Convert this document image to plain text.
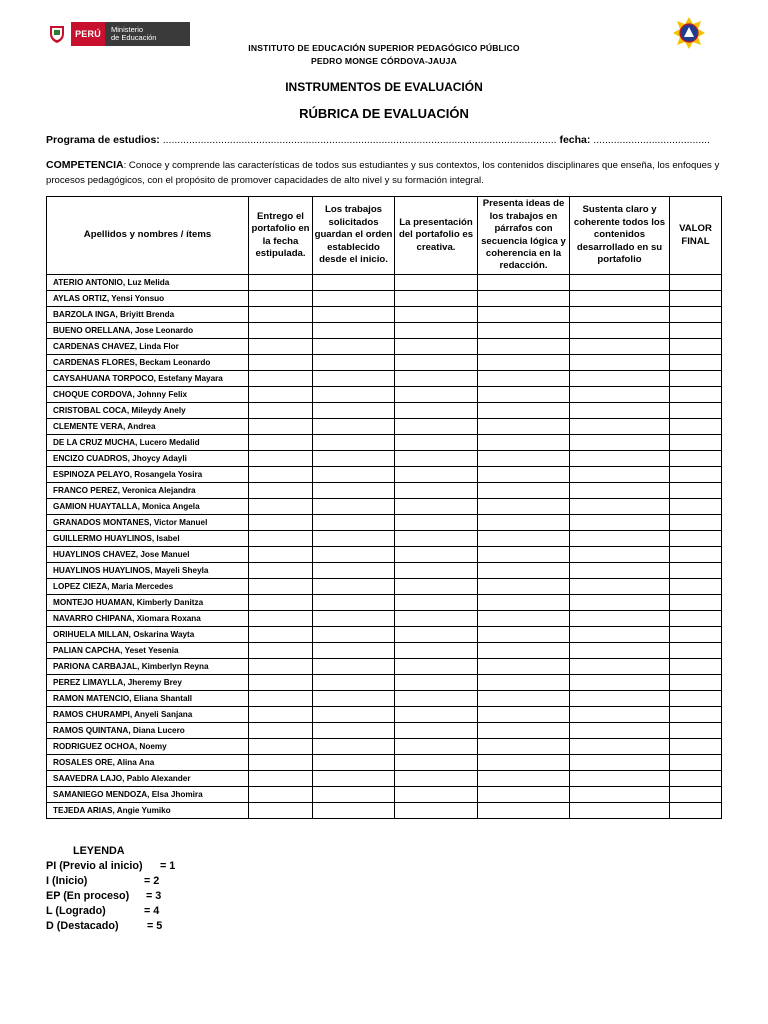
PERÚ	Ministerio
de Educación
INSTITUTO DE EDUCACIÓN SUPERIOR PEDAGÓGICO PÚBLICO
PEDRO MONGE CÓRDOVA-JAUJA
INSTRUMENTOS DE EVALUACIÓN
RÚBRICA DE EVALUACIÓN
Programa de estudios: ....................................................................................................................................... fecha: ........................................
COMPETENCIA: Conoce y comprende las características de todos sus estudiantes y sus contextos, los contenidos disciplinares que enseña, los enfoques y procesos pedagógicos, con el propósito de promover capacidades de alto nivel y su formación integral.
Apellidos y nombres / ítems	Entrego el portafolio en la fecha estipulada.	Los trabajos solicitados guardan el orden establecido desde el inicio.	La presentación del portafolio es creativa.	Presenta ideas de los trabajos en párrafos con secuencia lógica y coherencia en la redacción.	Sustenta claro y coherente todos los contenidos desarrollado en su portafolio	VALOR FINAL
ATERIO ANTONIO, Luz Melida						
AYLAS ORTIZ, Yensi Yonsuo						
BARZOLA INGA, Briyitt Brenda						
BUENO ORELLANA, Jose Leonardo						
CARDENAS CHAVEZ, Linda Flor						
CARDENAS FLORES, Beckam Leonardo						
CAYSAHUANA TORPOCO, Estefany Mayara						
CHOQUE CORDOVA, Johnny Felix						
CRISTOBAL COCA, Mileydy Anely						
CLEMENTE VERA, Andrea						
DE LA CRUZ MUCHA, Lucero Medalid						
ENCIZO CUADROS, Jhoycy Adayli						
ESPINOZA PELAYO, Rosangela Yosira						
FRANCO PEREZ, Veronica Alejandra						
GAMION HUAYTALLA, Monica Angela						
GRANADOS MONTANES, Victor Manuel						
GUILLERMO HUAYLINOS, Isabel						
HUAYLINOS CHAVEZ, Jose Manuel						
HUAYLINOS HUAYLINOS, Mayeli Sheyla						
LOPEZ CIEZA, Maria Mercedes						
MONTEJO HUAMAN, Kimberly Danitza						
NAVARRO CHIPANA, Xiomara Roxana						
ORIHUELA MILLAN, Oskarina Wayta						
PALIAN CAPCHA, Yeset Yesenia						
PARIONA CARBAJAL, Kimberlyn Reyna						
PEREZ LIMAYLLA, Jheremy Brey						
RAMON MATENCIO, Eliana Shantall						
RAMOS CHURAMPI, Anyeli Sanjana						
RAMOS QUINTANA, Diana Lucero						
RODRIGUEZ OCHOA, Noemy						
ROSALES ORE, Alina Ana						
SAAVEDRA LAJO, Pablo Alexander						
SAMANIEGO MENDOZA, Elsa Jhomira						
TEJEDA ARIAS, Angie Yumiko						
LEYENDA
PI (Previo al inicio)	= 1
I (Inicio)	= 2
EP (En proceso)	= 3
L (Logrado)	= 4
D (Destacado)	= 5
